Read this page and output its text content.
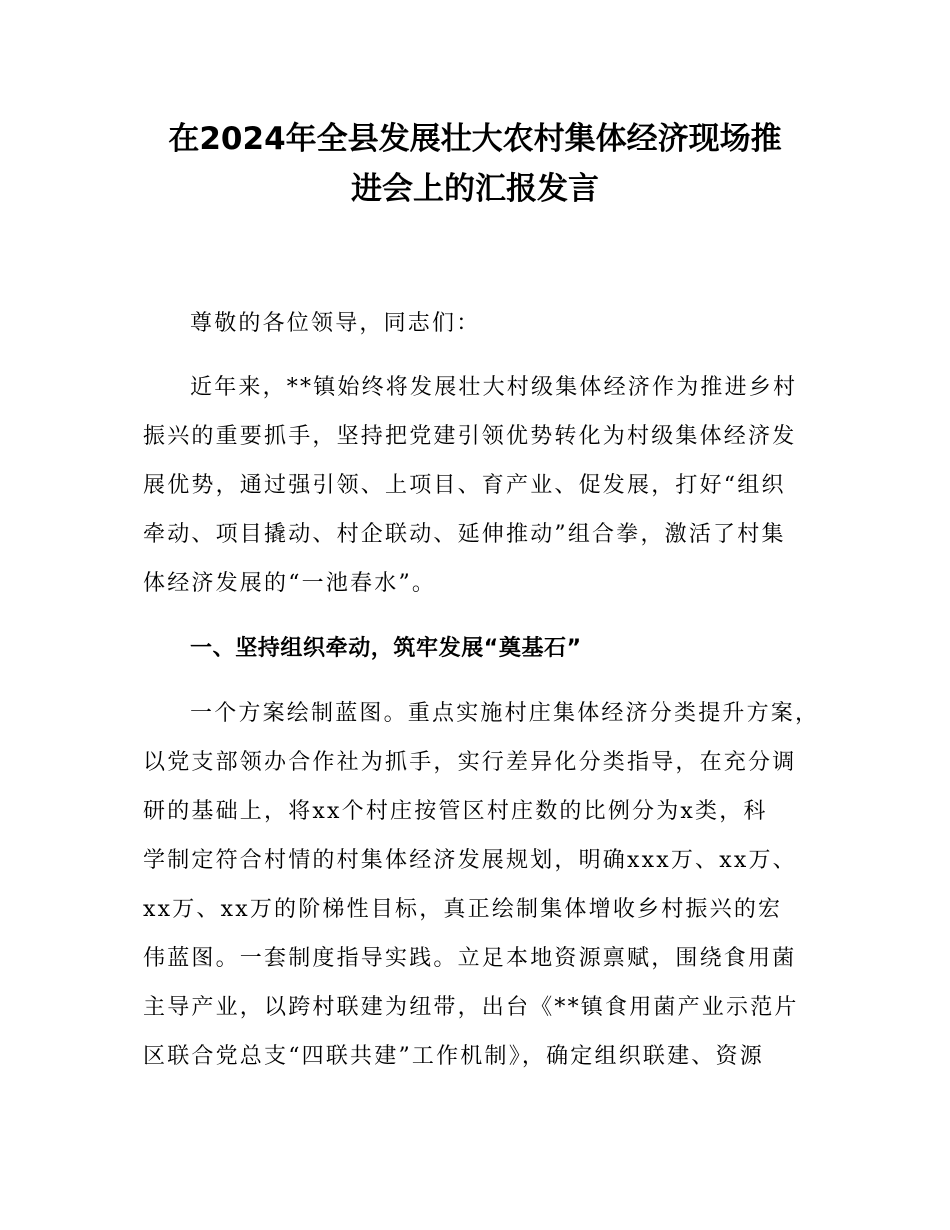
在2024年全县发展壮大农村集体经济现场推
进会上的汇报发言
尊敬的各位领导，同志们：
近年来，**镇始终将发展壮大村级集体经济作为推进乡村
振兴的重要抓手，坚持把党建引领优势转化为村级集体经济发
展优势，通过强引领、上项目、育产业、促发展，打好“组织
牵动、项目撬动、村企联动、延伸推动”组合拳，激活了村集
体经济发展的“一池春水”。
一、坚持组织牵动，筑牢发展“奠基石”
一个方案绘制蓝图。重点实施村庄集体经济分类提升方案，
以党支部领办合作社为抓手，实行差异化分类指导，在充分调
研的基础上，将xx个村庄按管区村庄数的比例分为x类，科
学制定符合村情的村集体经济发展规划，明确xxx万、xx万、
xx万、xx万的阶梯性目标，真正绘制集体增收乡村振兴的宏
伟蓝图。一套制度指导实践。立足本地资源禀赋，围绕食用菌
主导产业，以跨村联建为纽带，出台《**镇食用菌产业示范片
区联合党总支“四联共建”工作机制》，确定组织联建、资源
